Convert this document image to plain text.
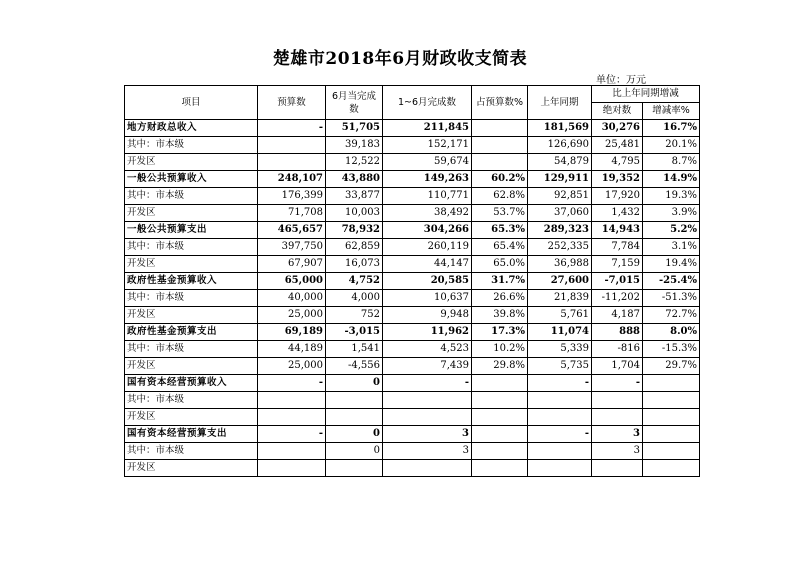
楚雄市2018年6月财政收支简表
单位：万元
项目	预算数	6月当完成数	1~6月完成数	占预算数%	上年同期	比上年同期增减	
						绝对数	增减率%
地方财政总收入	-	51,705	211,845		181,569	30,276	16.7%
其中：市本级		39,183	152,171		126,690	25,481	20.1%
开发区		12,522	59,674		54,879	4,795	8.7%
一般公共预算收入	248,107	43,880	149,263	60.2%	129,911	19,352	14.9%
其中：市本级	176,399	33,877	110,771	62.8%	92,851	17,920	19.3%
开发区	71,708	10,003	38,492	53.7%	37,060	1,432	3.9%
一般公共预算支出	465,657	78,932	304,266	65.3%	289,323	14,943	5.2%
其中：市本级	397,750	62,859	260,119	65.4%	252,335	7,784	3.1%
开发区	67,907	16,073	44,147	65.0%	36,988	7,159	19.4%
政府性基金预算收入	65,000	4,752	20,585	31.7%	27,600	-7,015	-25.4%
其中：市本级	40,000	4,000	10,637	26.6%	21,839	-11,202	-51.3%
开发区	25,000	752	9,948	39.8%	5,761	4,187	72.7%
政府性基金预算支出	69,189	-3,015	11,962	17.3%	11,074	888	8.0%
其中：市本级	44,189	1,541	4,523	10.2%	5,339	-816	-15.3%
开发区	25,000	-4,556	7,439	29.8%	5,735	1,704	29.7%
国有资本经营预算收入	-	0	-		-	-	
其中：市本级							
开发区							
国有资本经营预算支出	-	0	3		-	3	
其中：市本级		0	3			3	
开发区							
